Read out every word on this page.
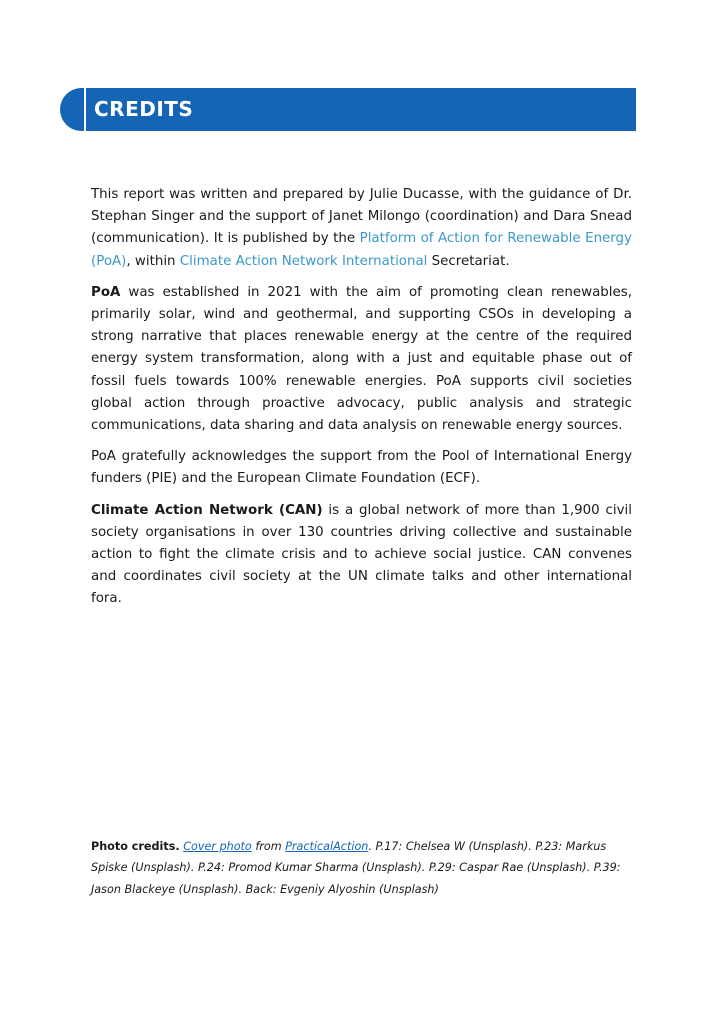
CREDITS

This report was written and prepared by Julie Ducasse, with the guidance of Dr. Stephan Singer and the support of Janet Milongo (coordination) and Dara Snead (communication). It is published by the Platform of Action for Renewable Energy (PoA), within Climate Action Network International Secretariat.

PoA was established in 2021 with the aim of promoting clean renewables, primarily solar, wind and geothermal, and supporting CSOs in developing a strong narrative that places renewable energy at the centre of the required energy system transformation, along with a just and equitable phase out of fossil fuels towards 100% renewable energies. PoA supports civil societies global action through proactive advocacy, public analysis and strategic communications, data sharing and data analysis on renewable energy sources.

PoA gratefully acknowledges the support from the Pool of International Energy funders (PIE) and the European Climate Foundation (ECF).

Climate Action Network (CAN) is a global network of more than 1,900 civil society organisations in over 130 countries driving collective and sustainable action to fight the climate crisis and to achieve social justice. CAN convenes and coordinates civil society at the UN climate talks and other international fora.

Photo credits. Cover photo from PracticalAction. P.17: Chelsea W (Unsplash). P.23: Markus Spiske (Unsplash). P.24: Promod Kumar Sharma (Unsplash). P.29: Caspar Rae (Unsplash). P.39: Jason Blackeye (Unsplash). Back: Evgeniy Alyoshin (Unsplash)
